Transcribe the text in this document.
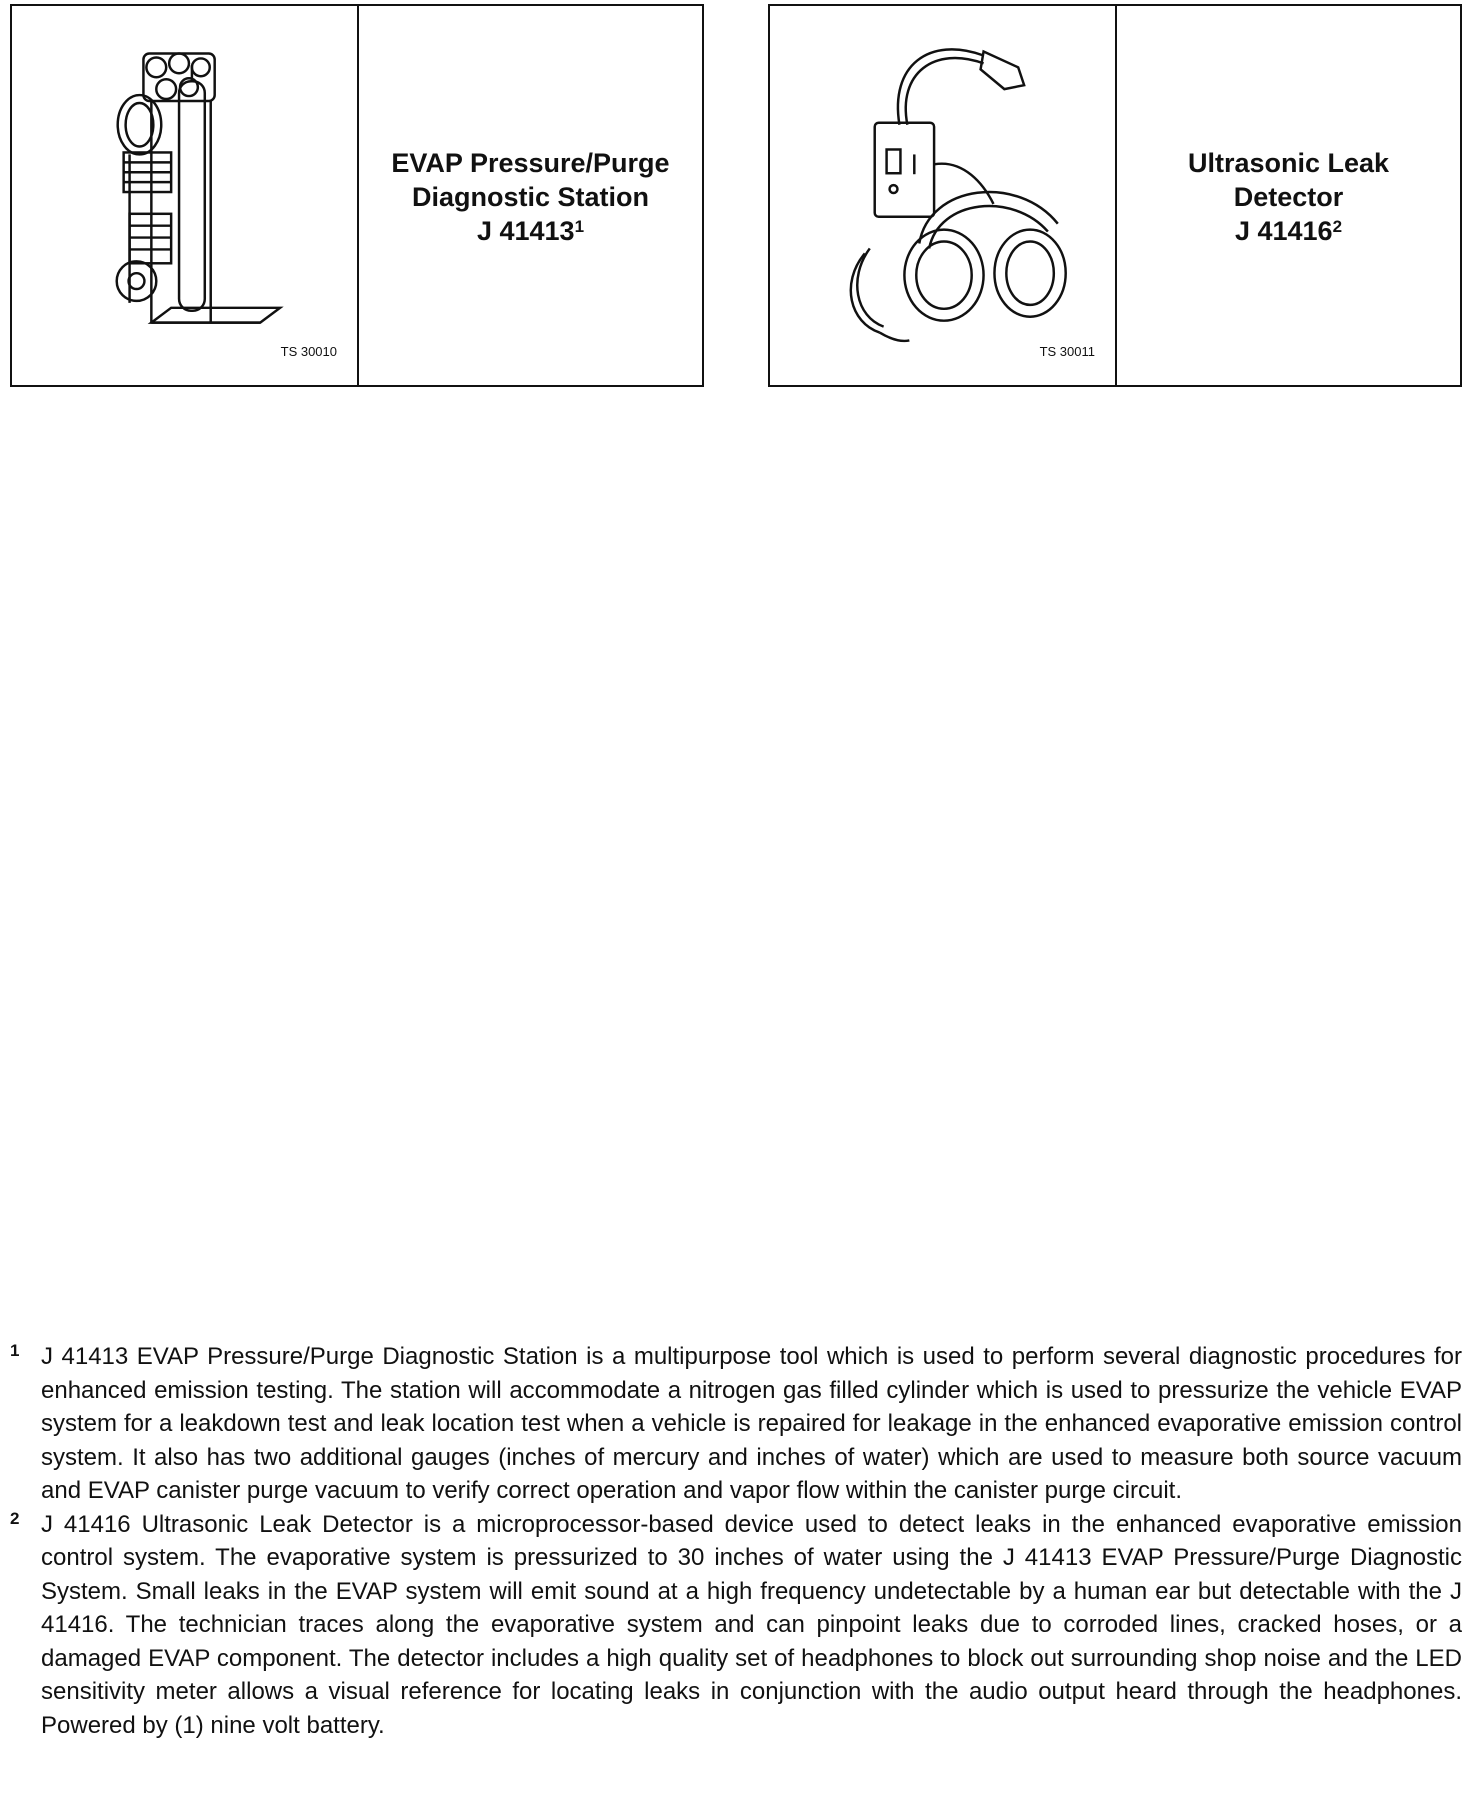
TS 30010
EVAP Pressure/Purge
Diagnostic Station
J 41413$^1$
TS 30011
Ultrasonic Leak
Detector
J 41416$^2$
1 J 41413 EVAP Pressure/Purge Diagnostic Station is a multipurpose tool which is used to perform several diagnostic procedures for enhanced emission testing. The station will accommodate a nitrogen gas filled cylinder which is used to pressurize the vehicle EVAP system for a leakdown test and leak location test when a vehicle is repaired for leakage in the enhanced evaporative emission control system. It also has two additional gauges (inches of mercury and inches of water) which are used to measure both source vacuum and EVAP canister purge vacuum to verify correct operation and vapor flow within the canister purge circuit.
2 J 41416 Ultrasonic Leak Detector is a microprocessor-based device used to detect leaks in the enhanced evaporative emission control system. The evaporative system is pressurized to 30 inches of water using the J 41413 EVAP Pressure/Purge Diagnostic System. Small leaks in the EVAP system will emit sound at a high frequency undetectable by a human ear but detectable with the J 41416. The technician traces along the evaporative system and can pinpoint leaks due to corroded lines, cracked hoses, or a damaged EVAP component. The detector includes a high quality set of headphones to block out surrounding shop noise and the LED sensitivity meter allows a visual reference for locating leaks in conjunction with the audio output heard through the headphones. Powered by (1) nine volt battery.
